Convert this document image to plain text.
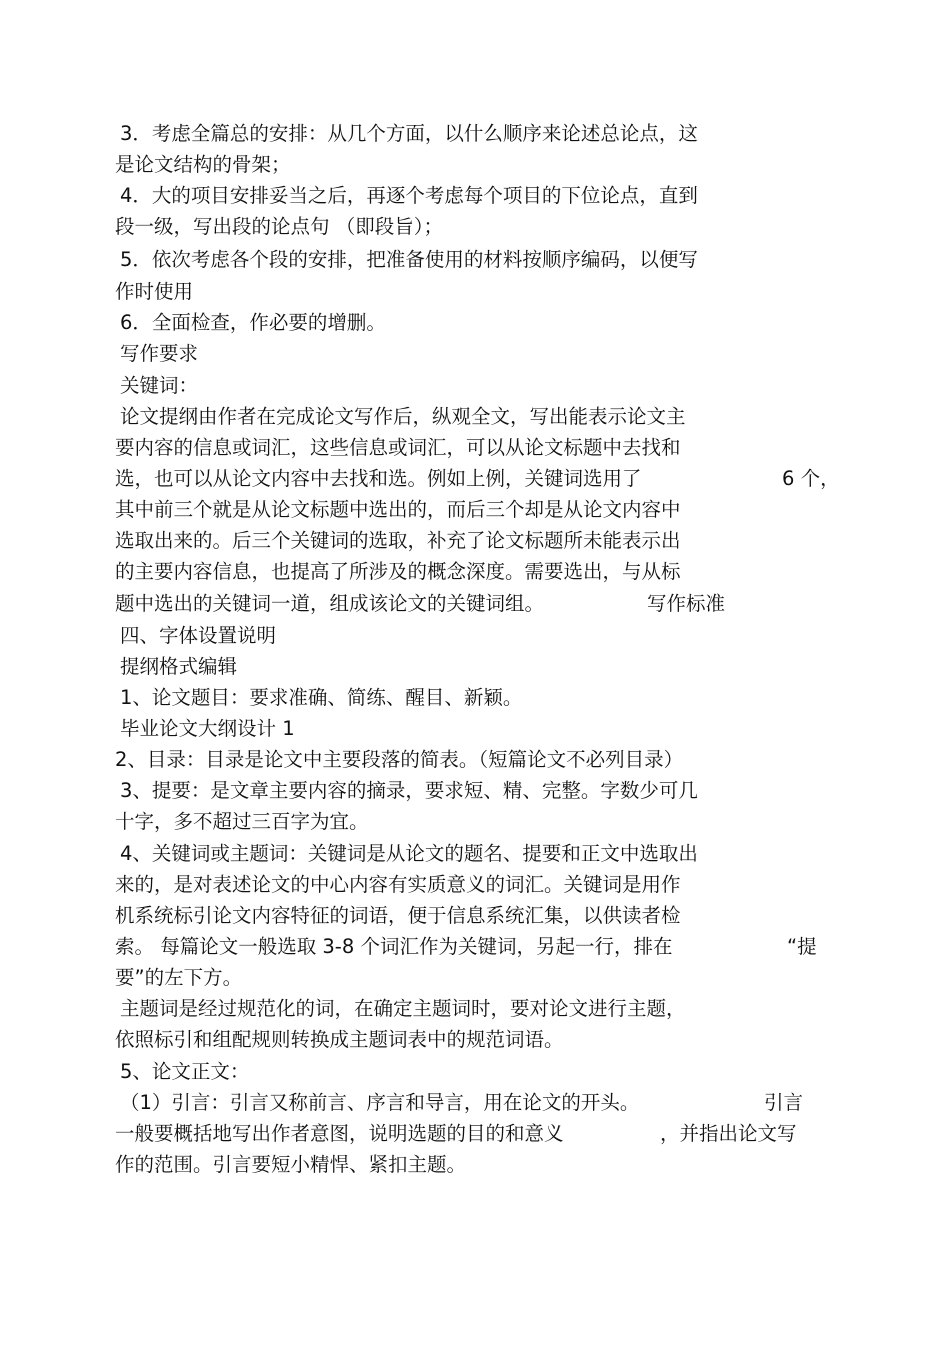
3．考虑全篇总的安排：从几个方面，以什么顺序来论述总论点，这
是论文结构的骨架；
4．大的项目安排妥当之后，再逐个考虑每个项目的下位论点，直到
段一级，写出段的论点句 （即段旨）；
5．依次考虑各个段的安排，把准备使用的材料按顺序编码，以便写
作时使用
6．全面检查，作必要的增删。
写作要求
关键词：
论文提纲由作者在完成论文写作后，纵观全文，写出能表示论文主
要内容的信息或词汇，这些信息或词汇，可以从论文标题中去找和
选，也可以从论文内容中去找和选。例如上例，关键词选用了	6 个，
其中前三个就是从论文标题中选出的，而后三个却是从论文内容中
选取出来的。后三个关键词的选取，补充了论文标题所未能表示出
的主要内容信息，也提高了所涉及的概念深度。需要选出，与从标
题中选出的关键词一道，组成该论文的关键词组。	写作标准
四、字体设置说明
提纲格式编辑
1、论文题目：要求准确、简练、醒目、新颖。
毕业论文大纲设计 1
2、目录：目录是论文中主要段落的简表。（短篇论文不必列目录）
3、提要：是文章主要内容的摘录，要求短、精、完整。字数少可几
十字，多不超过三百字为宜。
4、关键词或主题词：关键词是从论文的题名、提要和正文中选取出
来的，是对表述论文的中心内容有实质意义的词汇。关键词是用作
机系统标引论文内容特征的词语，便于信息系统汇集，以供读者检
索。 每篇论文一般选取 3-8 个词汇作为关键词，另起一行，排在	“提
要”的左下方。
主题词是经过规范化的词，在确定主题词时，要对论文进行主题，
依照标引和组配规则转换成主题词表中的规范词语。
5、论文正文：
（1）引言：引言又称前言、序言和导言，用在论文的开头。	引言
一般要概括地写出作者意图，说明选题的目的和意义	，并指出论文写
作的范围。引言要短小精悍、紧扣主题。
